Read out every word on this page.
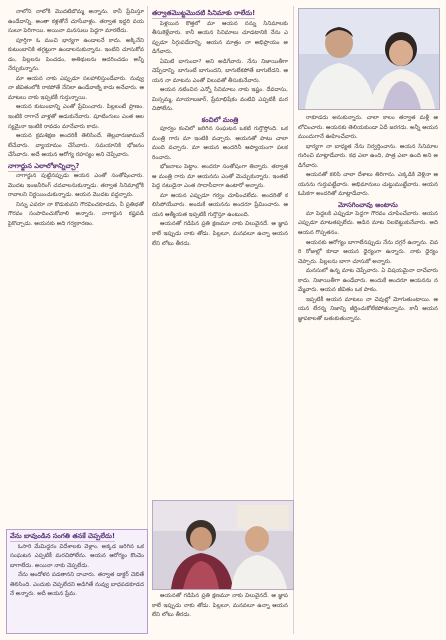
నాలోని నాలోకి మొదటిబొమ్మ అన్నాను. కానీ ప్రేమిస్తూ ఉండేదాన్ని. అంతా కళ్లతోనే చూసేవాళ్లం. తర్వాత ఇద్దరి వయసులూ పెరిగాయి. అయినా మనసులు పెద్దగా మారలేదు.

పూర్తిగా ఓ మంచి భార్యగా ఉండాలనే కాదు. అక్కినేని కుటుంబానికి తగ్గట్టుగా ఉండాలనుకున్నాను. ఇంటిని చూసుకోవడం, పిల్లలను పెంచడం, అతిథులను ఆదరించడం అన్నీ నేర్చుకున్నాను.

మా ఆయన నాకు ఎప్పుడూ సలహాలిస్తుండేవారు. నువ్వు నా జీవితంలోకి రాకపోతే నేనిలా ఉండేవాణ్ని కాదు అనేవారు. ఆ మాటలు నాకు ఇప్పటికీ గుర్తున్నాయి.

ఆయన కుటుంబాన్ని ఎంతో ప్రేమించారు. పిల్లలంటే ప్రాణం. ఇంటికి రాగానే వాళ్లతో ఆడుకునేవారు. షూటింగులు ఎంత ఆలస్యమైనా ఇంటికి రావడం మానేవారు కాదు.

ఆయన క్రమశిక్షణ అందరికీ తెలిసిందే. తెల్లవారుజామునే లేచేవారు. వ్యాయామం చేసేవారు. సమయానికి భోజనం చేసేవారు. అదే ఆయన ఆరోగ్య రహస్యం అని చెప్పేవారు.

నాగార్జున ఎలాలోకాన్నిచ్చా?

నాగార్జున పుట్టినప్పుడు ఆయన ఎంతో సంతోషించారు. మొదట ఇంజనీరింగ్ చదవాలనుకున్నాడు. తర్వాత సినిమాల్లోకి రావాలని నిర్ణయించుకున్నాడు. ఆయన మొదట వద్దన్నారు.

నిన్ను ఎవరూ నా కొడుకువని గౌరవించకూడదు, నీ ప్రతిభతో గౌరవం సంపాదించుకోవాలి అన్నారు. నాగార్జున కష్టపడి పైకొచ్చాడు. ఆయనకు అది గర్వకారణం.

వేను బావుండిన సంగతి తనకే చెప్పలేదు!

ఓసారి మేమిద్దరం విదేశాలకు వెళ్లాం. అక్కడ జరిగిన ఒక సంఘటన ఎప్పటికీ మరచిపోలేను. ఆయన ఆరోగ్యం కొంచెం బాగాలేదు. అయినా నాకు చెప్పలేదు.

నేను ఆందోళన పడతానని దాచారు. తర్వాత డాక్టర్ చెబితే తెలిసింది. ఎందుకు చెప్పలేదని అడిగితే నువ్వు బాధపడకూడదనే అన్నారు. అదీ ఆయన ప్రేమ.

తర్వాతమొట్టమొదటి సినిమాకు రాలేదు!

పెళ్లయిన కొత్తలో మా ఆయన నన్ను సినిమాలకు తీసుకెళ్లేవారు. కానీ ఆయన సినిమాలు చూడటానికి నేను ఎప్పుడూ సిగ్గుపడేదాన్ని. ఆయన మాత్రం నా అభిప్రాయం అడిగేవారు.

ఏమిటి బాగుందా? అని అడిగేవారు. నేను నిజాయితీగా చెప్పేదాన్ని. బాగుంటే బాగుందని, బాగులేకపోతే బాగులేదని. ఆయన నా మాటను ఎంతో విలువతో తీసుకునేవారు.

ఆయన నటించిన ఎన్నో సినిమాలు నాకు ఇష్టం. దేవదాసు, మిస్సమ్మ, మాయాబజార్, ప్రేమాభిషేకం వంటివి ఎప్పటికీ మరచిపోలేను.

కంచిలో మంత్రి

పూర్వం కంచిలో జరిగిన సంఘటన ఒకటి గుర్తొస్తోంది. ఒక మంత్రి గారు మా ఇంటికి వచ్చారు. ఆయనతో పాటు చాలా మంది వచ్చారు. మా ఆయన అందరినీ ఆప్యాయంగా పలకరించారు.

భోజనాలు పెట్టాం. అందరూ సంతోషంగా తిన్నారు. తర్వాత ఆ మంత్రి గారు మా ఆయనను ఎంతో మెచ్చుకున్నారు. ఇంతటి పెద్ద నటుడైనా ఎంత సాదాసీదాగా ఉంటారో అన్నారు.

మా ఆయన ఎప్పుడూ గర్వం చూపించలేదు. అందరితో కలిసిపోయేవారు. అందుకే ఆయనను అందరూ ప్రేమించారు. ఆయన ఆత్మీయత ఇప్పటికీ గుర్తొస్తూ ఉంటుంది.

ఆయనతో గడిపిన ప్రతి క్షణమూ నాకు విలువైనదే. ఆ జ్ఞాపకాలే ఇప్పుడు నాకు తోడు. పిల్లలూ, మనవలూ ఉన్నా ఆయన లేని లోటు తీరదు.

ఆయనతో గడిపిన ప్రతి క్షణమూ నాకు విలువైనదే. ఆ జ్ఞాపకాలే ఇప్పుడు నాకు తోడు. పిల్లలూ, మనవలూ ఉన్నా ఆయన లేని లోటు తీరదు.

రాకూడదు అనుకున్నారు. చాలా కాలం తర్వాత మళ్లీ ఆలోచించారు. ఆయనకు తెలియకుండా ఏదీ జరగదు. అన్నీ ఆయన ముందుగానే ఊహించేవారు.

భార్యగా నా బాధ్యత నేను నిర్వర్తించాను. ఆయన సినిమాల గురించి మాట్లాడేవారు. కథ ఎలా ఉంది, పాత్ర ఎలా ఉంది అని అడిగేవారు.

ఆయనతో కలిసి చాలా దేశాలు తిరిగాను. ఎక్కడికి వెళ్లినా ఆయనను గుర్తుపట్టేవారు. అభిమానులు చుట్టుముట్టేవారు. ఆయన ఓపికగా అందరితో మాట్లాడేవారు.

మోసగించావు అంటాను

మా పెద్దలకి ఎప్పుడూ పెద్దగా గౌరవం చూపించేవారు. ఆయన ఎప్పుడూ మాటతప్పలేదు. ఆడిన మాట నిలబెట్టుకునేవారు. అది ఆయన గొప్పతనం.

ఆయనకు ఆరోగ్యం బాగాలేనప్పుడు నేను దగ్గరే ఉన్నాను. చివరి రోజుల్లో కూడా ఆయన ధైర్యంగా ఉన్నారు. నాకు ధైర్యం చెప్పారు. పిల్లలను బాగా చూసుకో అన్నారు.

మనసులో ఉన్న మాట చెప్పేవారు. ఏ విషయమైనా దాచేవారు కాదు. నిజాయితీగా ఉండేవారు. అందుకే అందరూ ఆయనను నమ్మేవారు. ఆయన జీవితం ఒక పాఠం.

ఇప్పటికీ ఆయన మాటలు నా చెవుల్లో మోగుతుంటాయి. ఆయన లేరన్న నిజాన్ని జీర్ణించుకోలేకపోతున్నాను. కానీ ఆయన జ్ఞాపకాలతో బతుకుతున్నాను.
